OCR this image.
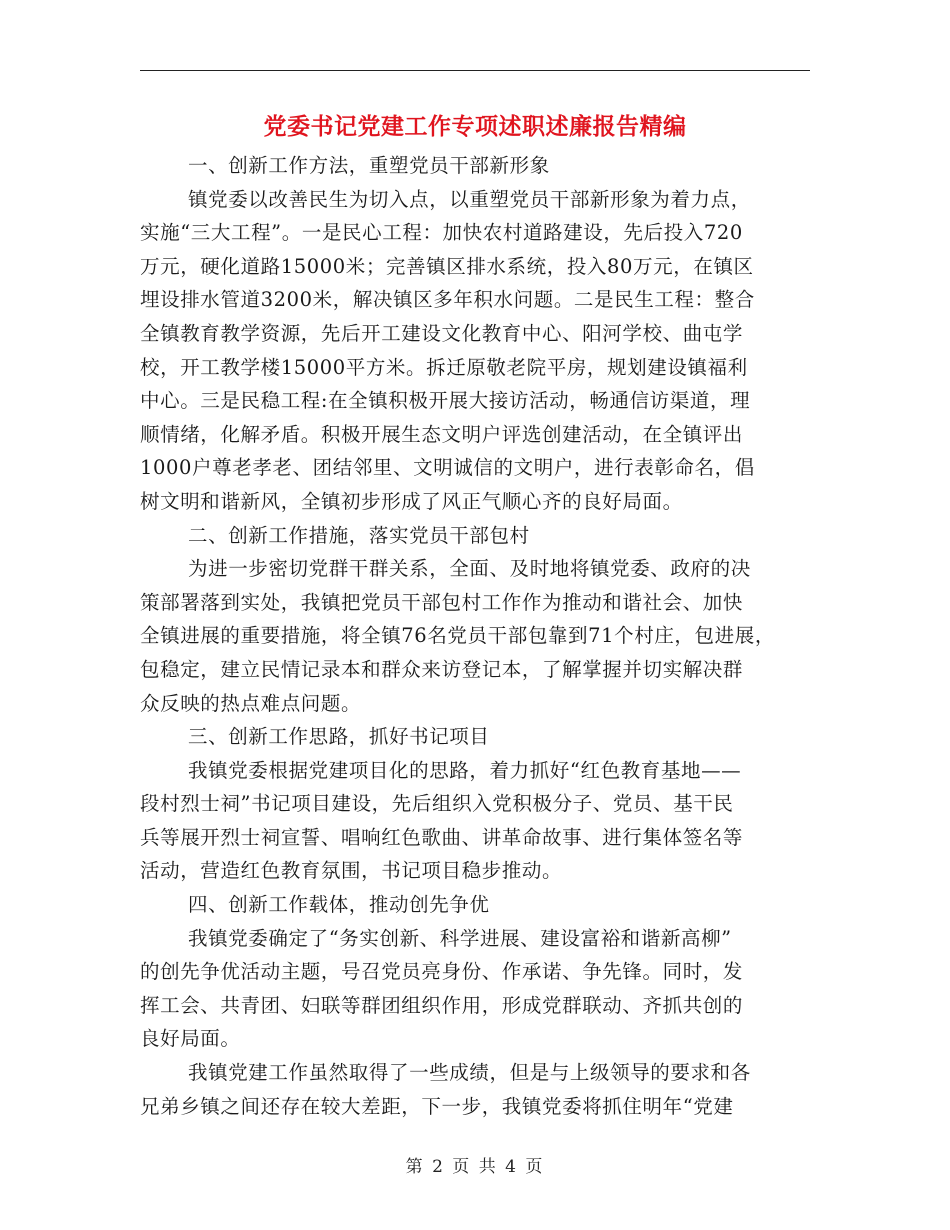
党委书记党建工作专项述职述廉报告精编
一、创新工作方法，重塑党员干部新形象
镇党委以改善民生为切入点，以重塑党员干部新形象为着力点，
实施“三大工程”。一是民心工程：加快农村道路建设，先后投入720
万元，硬化道路15000米；完善镇区排水系统，投入80万元，在镇区
埋设排水管道3200米，解决镇区多年积水问题。二是民生工程：整合
全镇教育教学资源，先后开工建设文化教育中心、阳河学校、曲屯学
校，开工教学楼15000平方米。拆迁原敬老院平房，规划建设镇福利
中心。三是民稳工程:在全镇积极开展大接访活动，畅通信访渠道，理
顺情绪，化解矛盾。积极开展生态文明户评选创建活动，在全镇评出
1000户尊老孝老、团结邻里、文明诚信的文明户，进行表彰命名，倡
树文明和谐新风，全镇初步形成了风正气顺心齐的良好局面。
二、创新工作措施，落实党员干部包村
为进一步密切党群干群关系，全面、及时地将镇党委、政府的决
策部署落到实处，我镇把党员干部包村工作作为推动和谐社会、加快
全镇进展的重要措施，将全镇76名党员干部包靠到71个村庄，包进展，
包稳定，建立民情记录本和群众来访登记本，了解掌握并切实解决群
众反映的热点难点问题。
三、创新工作思路，抓好书记项目
我镇党委根据党建项目化的思路，着力抓好“红色教育基地——
段村烈士祠”书记项目建设，先后组织入党积极分子、党员、基干民
兵等展开烈士祠宣誓、唱响红色歌曲、讲革命故事、进行集体签名等
活动，营造红色教育氛围，书记项目稳步推动。
四、创新工作载体，推动创先争优
我镇党委确定了“务实创新、科学进展、建设富裕和谐新高柳”
的创先争优活动主题，号召党员亮身份、作承诺、争先锋。同时，发
挥工会、共青团、妇联等群团组织作用，形成党群联动、齐抓共创的
良好局面。
我镇党建工作虽然取得了一些成绩，但是与上级领导的要求和各
兄弟乡镇之间还存在较大差距，下一步，我镇党委将抓住明年“党建
第 2 页 共 4 页
